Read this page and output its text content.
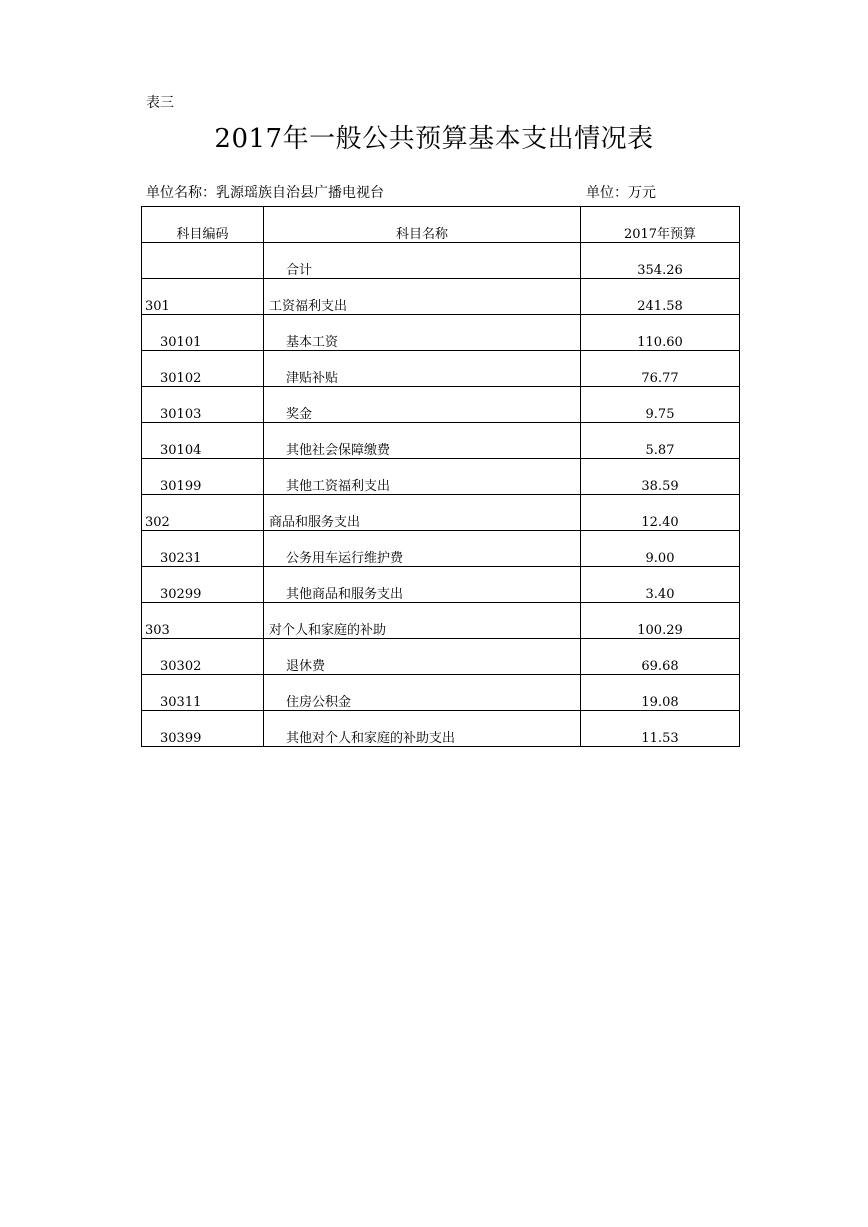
表三
2017年一般公共预算基本支出情况表
单位名称：乳源瑶族自治县广播电视台	单位：万元
科目编码	科目名称	2017年预算
	合计	354.26
301	工资福利支出	241.58
30101	基本工资	110.60
30102	津贴补贴	76.77
30103	奖金	9.75
30104	其他社会保障缴费	5.87
30199	其他工资福利支出	38.59
302	商品和服务支出	12.40
30231	公务用车运行维护费	9.00
30299	其他商品和服务支出	3.40
303	对个人和家庭的补助	100.29
30302	退休费	69.68
30311	住房公积金	19.08
30399	其他对个人和家庭的补助支出	11.53
